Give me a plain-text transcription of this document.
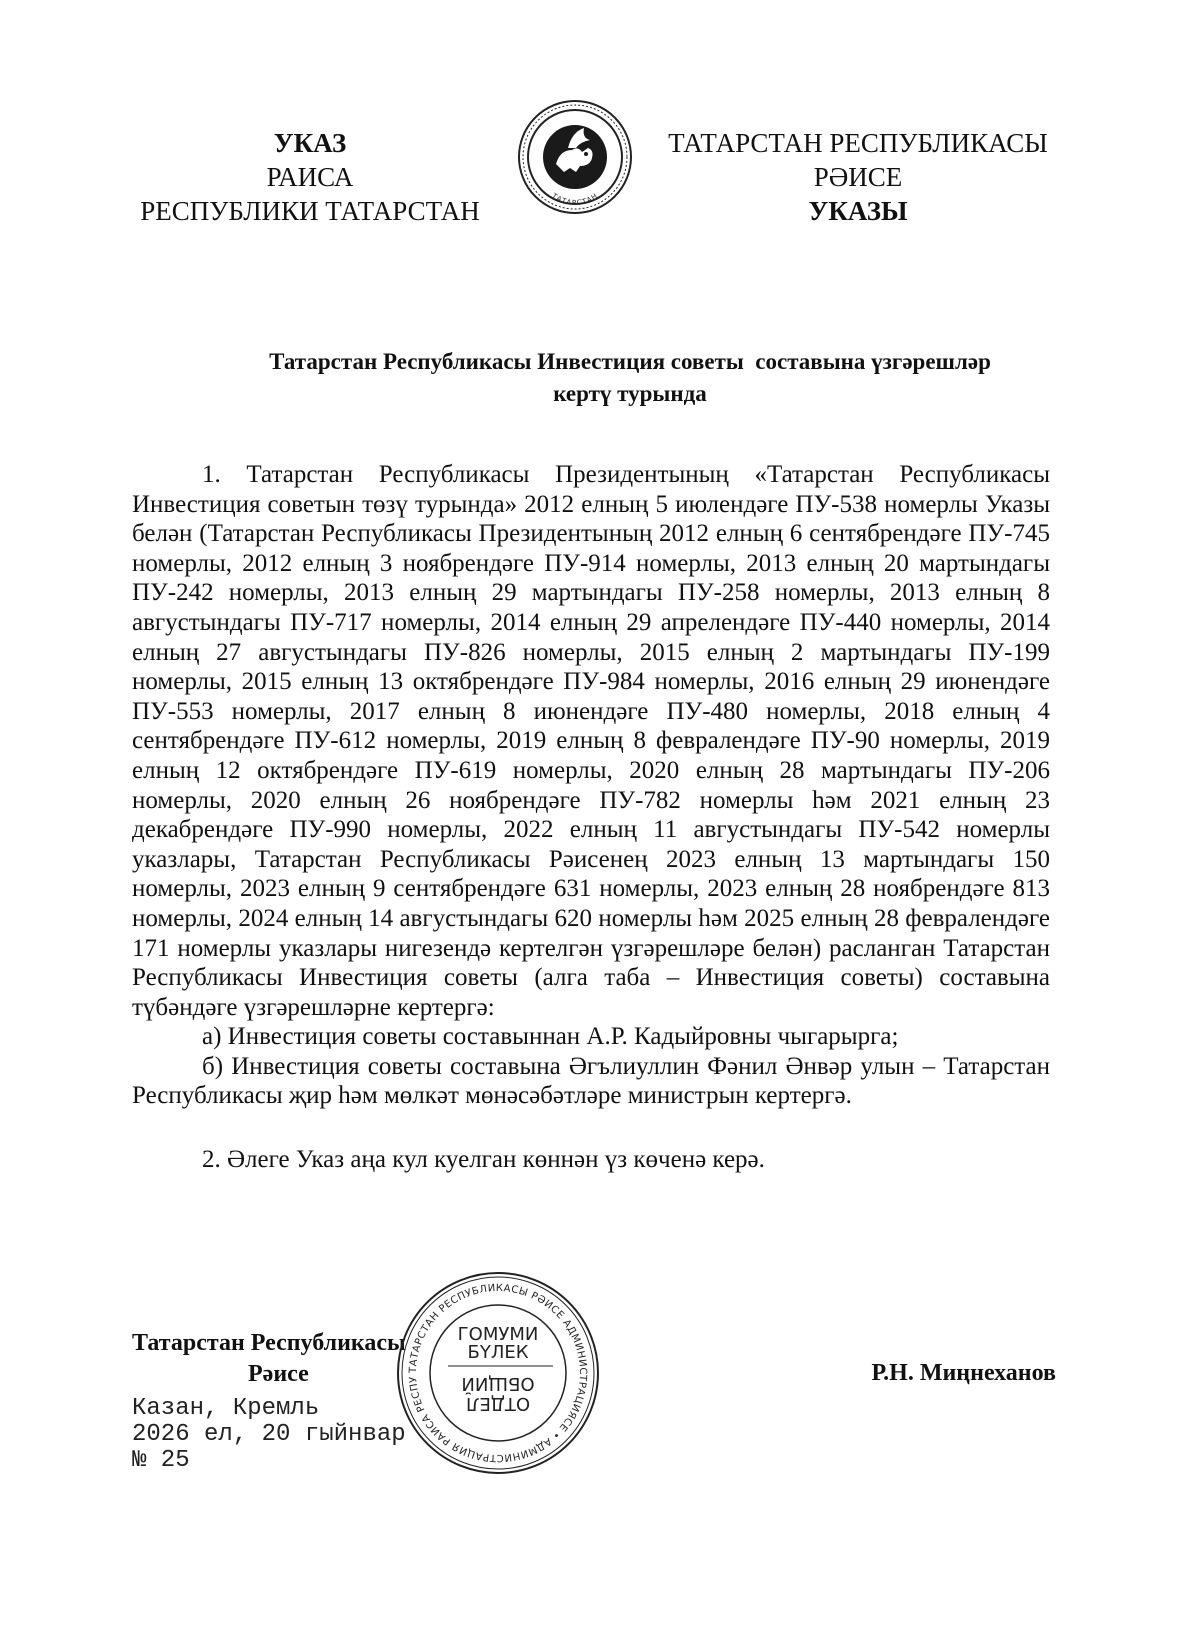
УКАЗ
РАИСА
РЕСПУБЛИКИ ТАТАРСТАН	ТАТАРСТАН
ТАТАРСТАН РЕСПУБЛИКАСЫ
РӘИСЕ
УКАЗЫ
Татарстан Республикасы Инвестиция советы  составына үзгәрешләр
кертү турында

1. Татарстан Республикасы Президентының «Татарстан Республикасы Инвестиция советын төзү турында» 2012 елның 5 июлендәге ПУ-538 номерлы Указы белән (Татарстан Республикасы Президентының 2012 елның 6 сентябрендәге ПУ-745 номерлы, 2012 елның 3 ноябрендәге ПУ-914 номерлы, 2013 елның 20 мартындагы ПУ-242 номерлы, 2013 елның 29 мартындагы ПУ-258 номерлы, 2013 елның 8 августындагы ПУ-717 номерлы, 2014 елның 29 апрелендәге ПУ-440 номерлы, 2014 елның 27 августындагы ПУ-826 номерлы, 2015 елның 2 мартындагы ПУ-199 номерлы, 2015 елның 13 октябрендәге ПУ-984 номерлы, 2016 елның 29 июнендәге ПУ-553 номерлы, 2017 елның 8 июнендәге ПУ-480 номерлы, 2018 елның 4 сентябрендәге ПУ-612 номерлы, 2019 елның 8 февралендәге ПУ-90 номерлы, 2019 елның 12 октябрендәге ПУ-619 номерлы, 2020 елның 28 мартындагы ПУ-206 номерлы, 2020 елның 26 ноябрендәге ПУ-782 номерлы һәм 2021 елның 23 декабрендәге ПУ-990 номерлы, 2022 елның 11 августындагы ПУ-542 номерлы указлары, Татарстан Республикасы Рәисенең 2023 елның 13 мартындагы 150 номерлы, 2023 елның 9 сентябрендәге 631 номерлы, 2023 елның 28 ноябрендәге 813 номерлы, 2024 елның 14 августындагы 620 номерлы һәм 2025 елның 28 февралендәге 171 номерлы указлары нигезендә кертелгән үзгәрешләре белән) расланган Татарстан Республикасы Инвестиция советы (алга таба – Инвестиция советы) составына түбәндәге үзгәрешләрне кертергә:

а) Инвестиция советы составыннан А.Р. Кадыйровны чыгарырга;

б) Инвестиция советы составына Әгълиуллин Фәнил Әнвәр улын – Татарстан Республикасы җир һәм мөлкәт мөнәсәбәтләре министрын кертергә.

2. Әлеге Указ аңа кул куелган көннән үз көченә керә.

Татарстан Республикасы
Рәисе	Р.Н. Миңнеханов
Казан, Кремль
2026 ел, 20 гыйнвар
№ 25
ТАТАРСТАН РЕСПУБЛИКАСЫ РӘИСЕ АДМИНИСТРАЦИЯСЕ • АДМИНИСТРАЦИЯ РАИСА РЕСПУ
ГОМУМИ
БҮЛЕК
ОТДЕЛ
ОБЩИЙ
